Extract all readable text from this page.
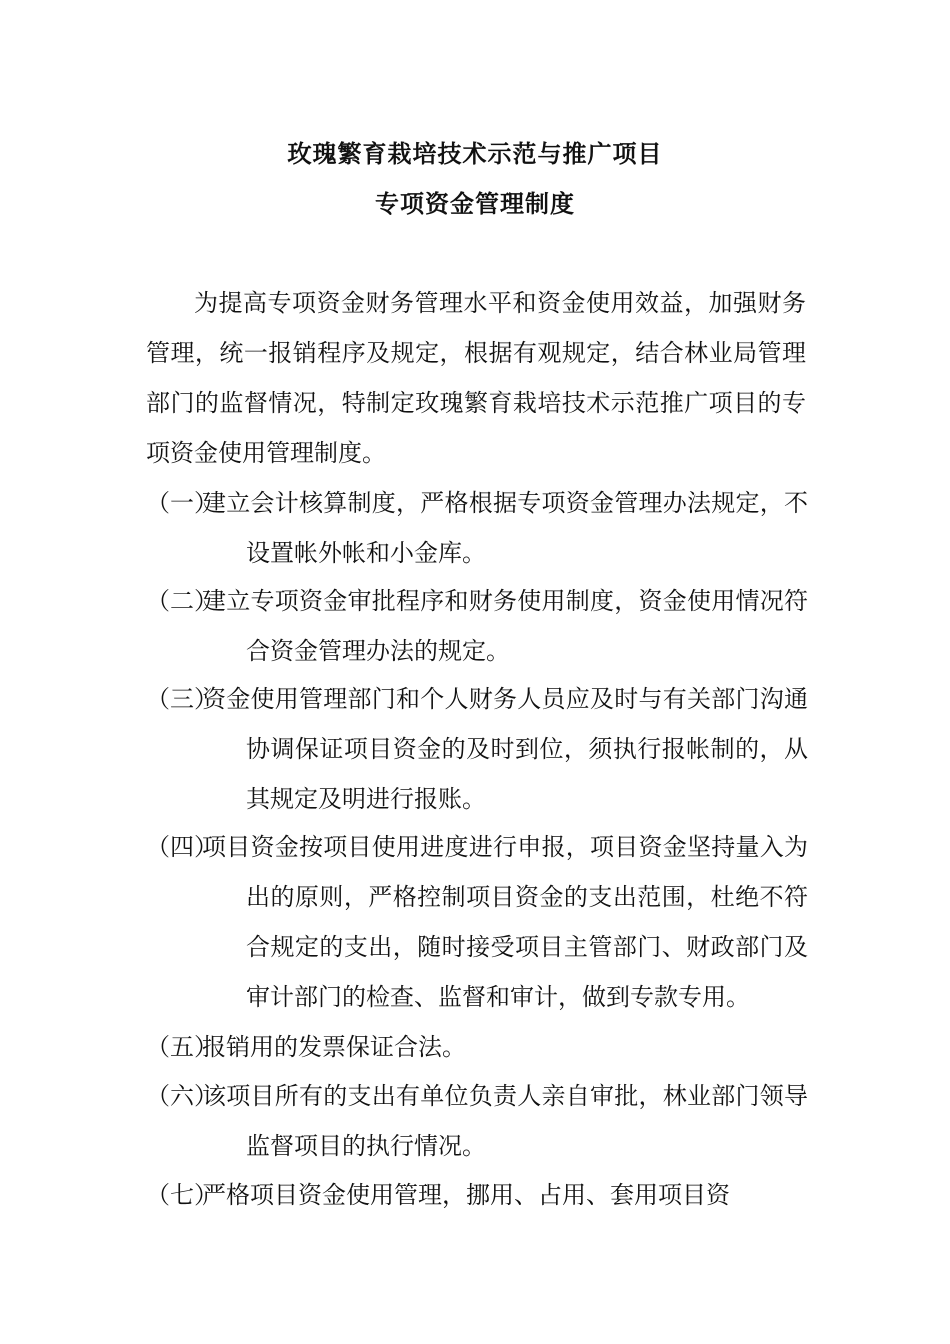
玫瑰繁育栽培技术示范与推广项目
专项资金管理制度
为提高专项资金财务管理水平和资金使用效益，加强财务管理，统一报销程序及规定，根据有观规定，结合林业局管理部门的监督情况，特制定玫瑰繁育栽培技术示范推广项目的专项资金使用管理制度。
（一）
建立会计核算制度，严格根据专项资金管理办法规定，不设置帐外帐和小金库。
（二）
建立专项资金审批程序和财务使用制度，资金使用情况符合资金管理办法的规定。
（三）
资金使用管理部门和个人财务人员应及时与有关部门沟通协调保证项目资金的及时到位，须执行报帐制的，从其规定及明进行报账。
（四）
项目资金按项目使用进度进行申报，项目资金坚持量入为出的原则，严格控制项目资金的支出范围，杜绝不符合规定的支出，随时接受项目主管部门、财政部门及审计部门的检查、监督和审计，做到专款专用。
（五）
报销用的发票保证合法。
（六）
该项目所有的支出有单位负责人亲自审批，林业部门领导监督项目的执行情况。
（七）
严格项目资金使用管理，挪用、占用、套用项目资
